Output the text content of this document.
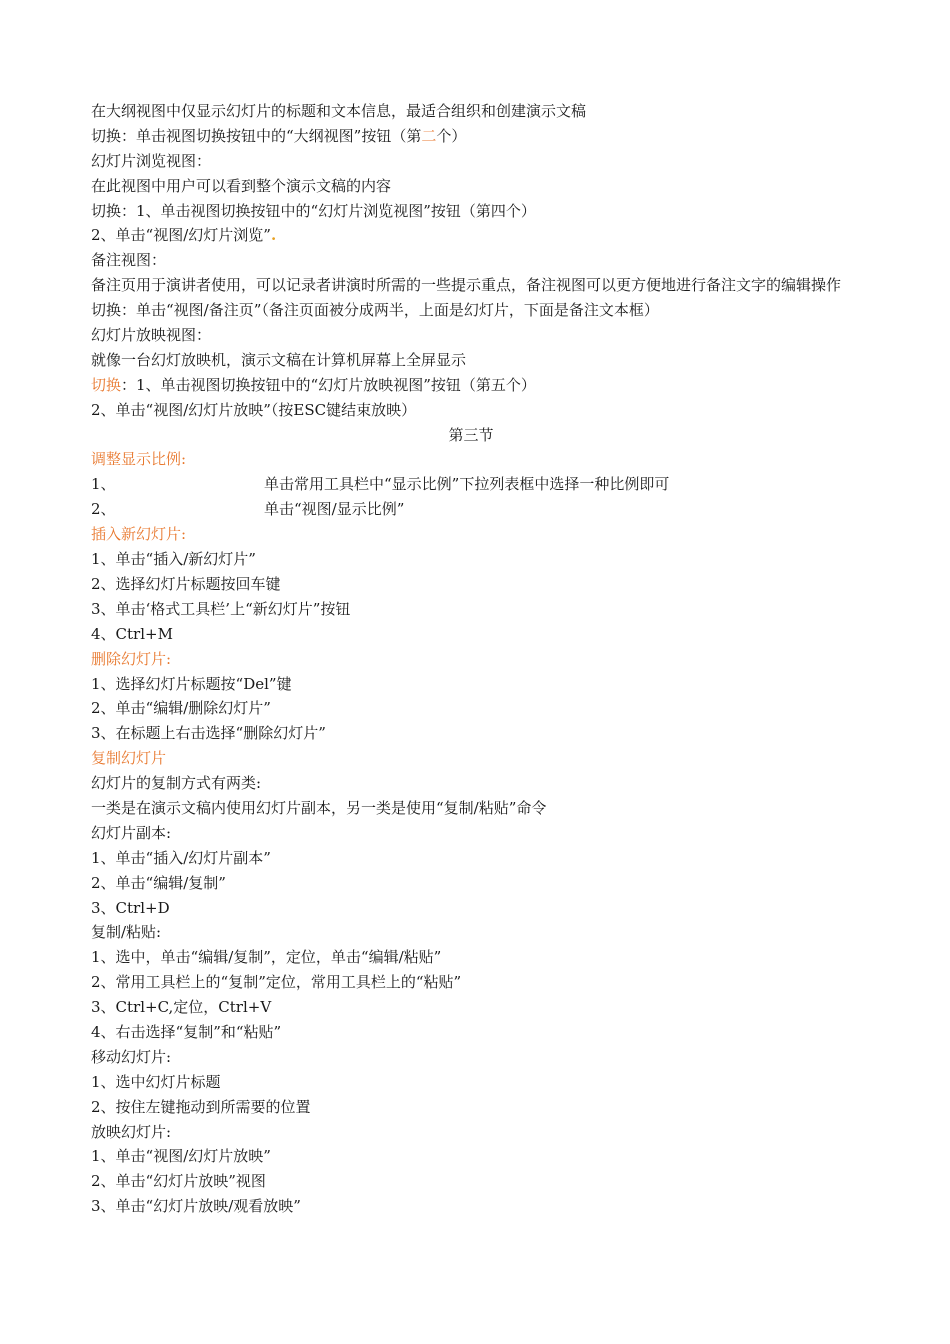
在大纲视图中仅显示幻灯片的标题和文本信息，最适合组织和创建演示文稿
切换：单击视图切换按钮中的“大纲视图”按钮（第二个）
幻灯片浏览视图：
在此视图中用户可以看到整个演示文稿的内容
切换：1、单击视图切换按钮中的“幻灯片浏览视图”按钮（第四个）
2、单击“视图/幻灯片浏览”.
备注视图：
备注页用于演讲者使用，可以记录者讲演时所需的一些提示重点，备注视图可以更方便地进行备注文字的编辑操作
切换：单击“视图/备注页”（备注页面被分成两半，上面是幻灯片，下面是备注文本框）
幻灯片放映视图：
就像一台幻灯放映机，演示文稿在计算机屏幕上全屏显示
切换：1、单击视图切换按钮中的“幻灯片放映视图”按钮（第五个）
2、单击“视图/幻灯片放映”（按ESC键结束放映）
第三节
调整显示比例:
1、	单击常用工具栏中“显示比例”下拉列表框中选择一种比例即可
2、	单击“视图/显示比例”
插入新幻灯片:
1、单击“插入/新幻灯片”
2、选择幻灯片标题按回车键
3、单击‘格式工具栏’上“新幻灯片”按钮
4、Ctrl+M
删除幻灯片:
1、选择幻灯片标题按“Del”键
2、单击“编辑/删除幻灯片”
3、在标题上右击选择“删除幻灯片”
复制幻灯片
幻灯片的复制方式有两类:
一类是在演示文稿内使用幻灯片副本，另一类是使用“复制/粘贴”命令
幻灯片副本:
1、单击“插入/幻灯片副本”
2、单击“编辑/复制”
3、Ctrl+D
复制/粘贴:
1、选中，单击“编辑/复制”，定位，单击“编辑/粘贴”
2、常用工具栏上的“复制”定位，常用工具栏上的“粘贴”
3、Ctrl+C,定位，Ctrl+V
4、右击选择“复制”和“粘贴”
移动幻灯片:
1、选中幻灯片标题
2、按住左键拖动到所需要的位置
放映幻灯片:
1、单击“视图/幻灯片放映”
2、单击“幻灯片放映”视图
3、单击“幻灯片放映/观看放映”
